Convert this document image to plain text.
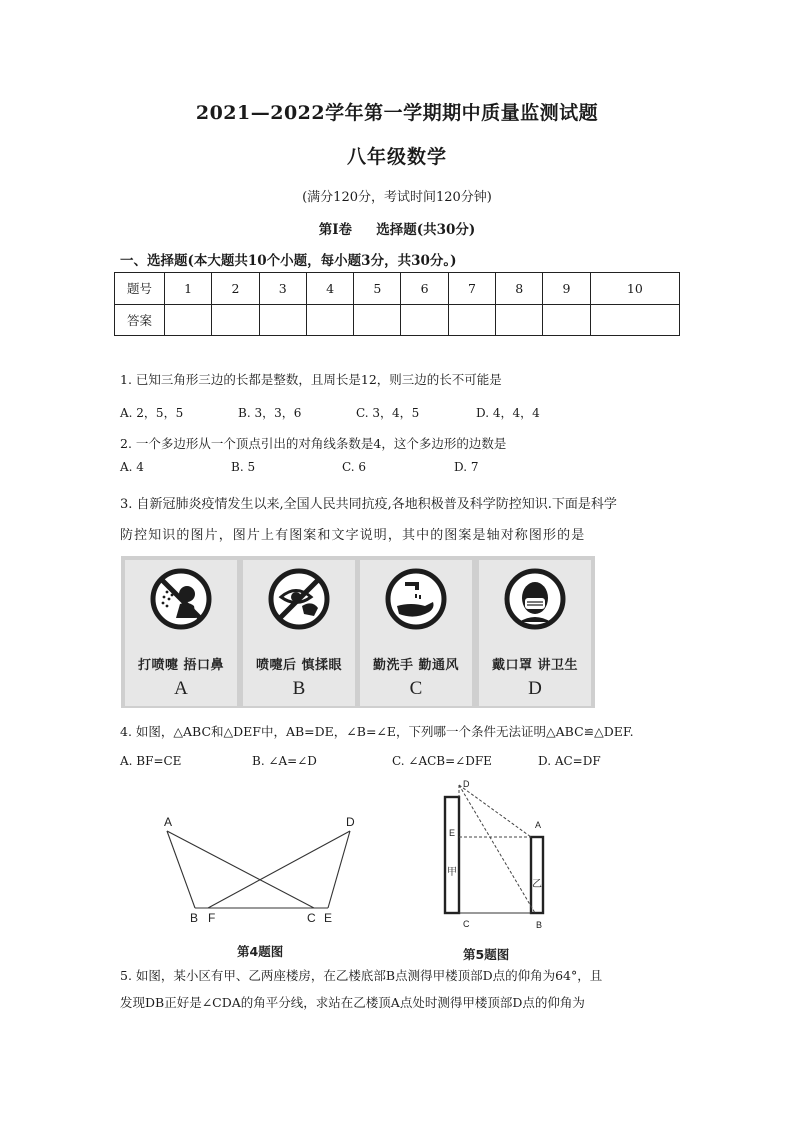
2021—2022学年第一学期期中质量监测试题
八年级数学
(满分120分，考试时间120分钟)
第Ⅰ卷　 选择题(共30分)
一、选择题(本大题共10个小题，每小题3分，共30分。)
题号	1	2	3	4	5	6	7	8	9	10
答案										
1. 已知三角形三边的长都是整数，且周长是12，则三边的长不可能是
A. 2，5，5	B. 3，3，6	C. 3，4，5	D. 4，4，4
2. 一个多边形从一个顶点引出的对角线条数是4，这个多边形的边数是
A. 4	B. 5	C. 6	D. 7
3. 自新冠肺炎疫情发生以来,全国人民共同抗疫,各地积极普及科学防控知识.下面是科学
防控知识的图片，图片上有图案和文字说明，其中的图案是轴对称图形的是
打喷嚏 捂口鼻
A
喷嚏后 慎揉眼
B
勤洗手 勤通风
C
戴口罩 讲卫生
D
4. 如图，△ABC和△DEF中，AB=DE，∠B=∠E，下列哪一个条件无法证明△ABC≌△DEF.
A. BF=CE	B. ∠A=∠D	C. ∠ACB=∠DFE	D. AC=DF
A	D
B F	C E
第4题图
D
E
甲
C
A
乙
B
第5题图
5. 如图，某小区有甲、乙两座楼房，在乙楼底部B点测得甲楼顶部D点的仰角为64°，且
发现DB正好是∠CDA的角平分线，求站在乙楼顶A点处时测得甲楼顶部D点的仰角为
